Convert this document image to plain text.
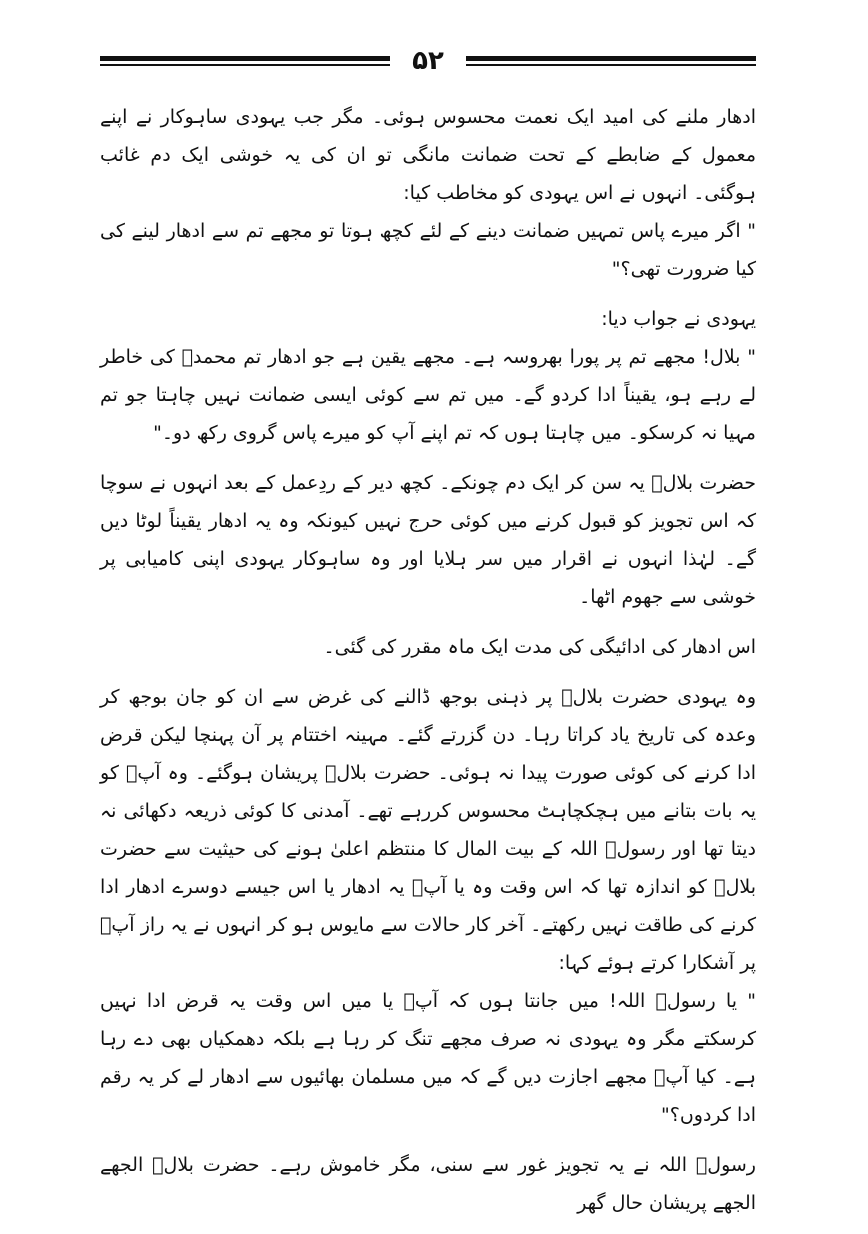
۵۲

ادھار ملنے کی امید ایک نعمت محسوس ہوئی۔ مگر جب یہودی ساہوکار نے اپنے معمول کے ضابطے کے تحت ضمانت مانگی تو ان کی یہ خوشی ایک دم غائب ہوگئی۔ انہوں نے اس یہودی کو مخاطب کیا:

" اگر میرے پاس تمہیں ضمانت دینے کے لئے کچھ ہوتا تو مجھے تم سے ادھار لینے کی کیا ضرورت تھی؟"

یہودی نے جواب دیا:

" بلال! مجھے تم پر پورا بھروسہ ہے۔ مجھے یقین ہے جو ادھار تم محمدؐ کی خاطر لے رہے ہو، یقیناً ادا کردو گے۔ میں تم سے کوئی ایسی ضمانت نہیں چاہتا جو تم مہیا نہ کرسکو۔ میں چاہتا ہوں کہ تم اپنے آپ کو میرے پاس گروی رکھ دو۔"

حضرت بلالؓ یہ سن کر ایک دم چونکے۔ کچھ دیر کے ردِعمل کے بعد انہوں نے سوچا کہ اس تجویز کو قبول کرنے میں کوئی حرج نہیں کیونکہ وہ یہ ادھار یقیناً لوٹا دیں گے۔ لہٰذا انہوں نے اقرار میں سر ہلایا اور وہ ساہوکار یہودی اپنی کامیابی پر خوشی سے جھوم اٹھا۔

اس ادھار کی ادائیگی کی مدت ایک ماہ مقرر کی گئی۔

وہ یہودی حضرت بلالؓ پر ذہنی بوجھ ڈالنے کی غرض سے ان کو جان بوجھ کر وعدہ کی تاریخ یاد کراتا رہا۔ دن گزرتے گئے۔ مہینہ اختتام پر آن پہنچا لیکن قرض ادا کرنے کی کوئی صورت پیدا نہ ہوئی۔ حضرت بلالؓ پریشان ہوگئے۔ وہ آپؐ کو یہ بات بتانے میں ہچکچاہٹ محسوس کررہے تھے۔ آمدنی کا کوئی ذریعہ دکھائی نہ دیتا تھا اور رسولؐ اللہ کے بیت المال کا منتظم اعلیٰ ہونے کی حیثیت سے حضرت بلالؓ کو اندازہ تھا کہ اس وقت وہ یا آپؐ یہ ادھار یا اس جیسے دوسرے ادھار ادا کرنے کی طاقت نہیں رکھتے۔ آخر کار حالات سے مایوس ہو کر انہوں نے یہ راز آپؐ پر آشکارا کرتے ہوئے کہا:

" یا رسولؐ اللہ! میں جانتا ہوں کہ آپؐ یا میں اس وقت یہ قرض ادا نہیں کرسکتے مگر وہ یہودی نہ صرف مجھے تنگ کر رہا ہے بلکہ دھمکیاں بھی دے رہا ہے۔ کیا آپؐ مجھے اجازت دیں گے کہ میں مسلمان بھائیوں سے ادھار لے کر یہ رقم ادا کردوں؟"

رسولؐ اللہ نے یہ تجویز غور سے سنی، مگر خاموش رہے۔ حضرت بلالؓ الجھے الجھے پریشان حال گھر
